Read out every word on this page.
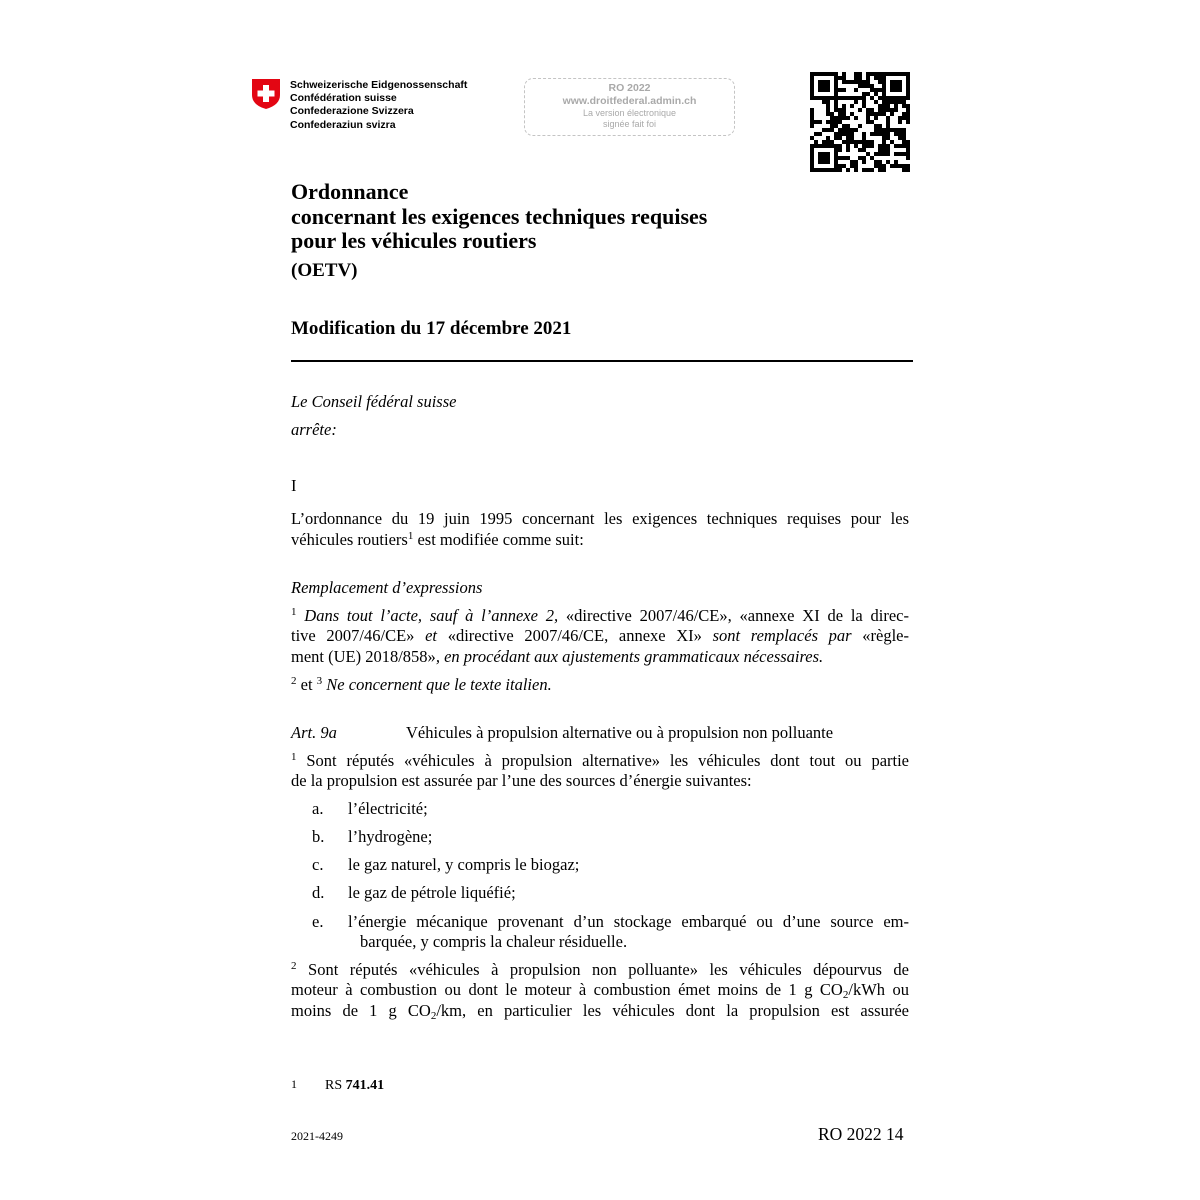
Schweizerische Eidgenossenschaft
Confédération suisse
Confederazione Svizzera
Confederaziun svizra
RO 2022
www.droitfederal.admin.ch
La version électronique
signée fait foi
Ordonnance
concernant les exigences techniques requises
pour les véhicules routiers
(OETV)
Modification du 17 décembre 2021
Le Conseil fédéral suisse
arrête:
I
L’ordonnance du 19 juin 1995 concernant les exigences techniques requises pour les
véhicules routiers$^1$ est modifiée comme suit:
Remplacement d’expressions
$^1$ Dans tout l’acte, sauf à l’annexe 2, «directive 2007/46/CE», «annexe XI de la direc-
tive 2007/46/CE» et «directive 2007/46/CE, annexe XI» sont remplacés par «règle-
ment (UE) 2018/858», en procédant aux ajustements grammaticaux nécessaires.
$^2$ et $^3$ Ne concernent que le texte italien.
Art. 9a	Véhicules à propulsion alternative ou à propulsion non polluante
$^1$ Sont réputés «véhicules à propulsion alternative» les véhicules dont tout ou partie
de la propulsion est assurée par l’une des sources d’énergie suivantes:
a. l’électricité;
b. l’hydrogène;
c. le gaz naturel, y compris le biogaz;
d. le gaz de pétrole liquéfié;
e. l’énergie mécanique provenant d’un stockage embarqué ou d’une source em-
barquée, y compris la chaleur résiduelle.
$^2$ Sont réputés «véhicules à propulsion non polluante» les véhicules dépourvus de
moteur à combustion ou dont le moteur à combustion émet moins de 1 g $CO_2$/kWh ou
moins de 1 g $CO_2/km$, en particulier les véhicules dont la propulsion est assurée
1 RS 741.41
2021-4249	RO 2022 14
